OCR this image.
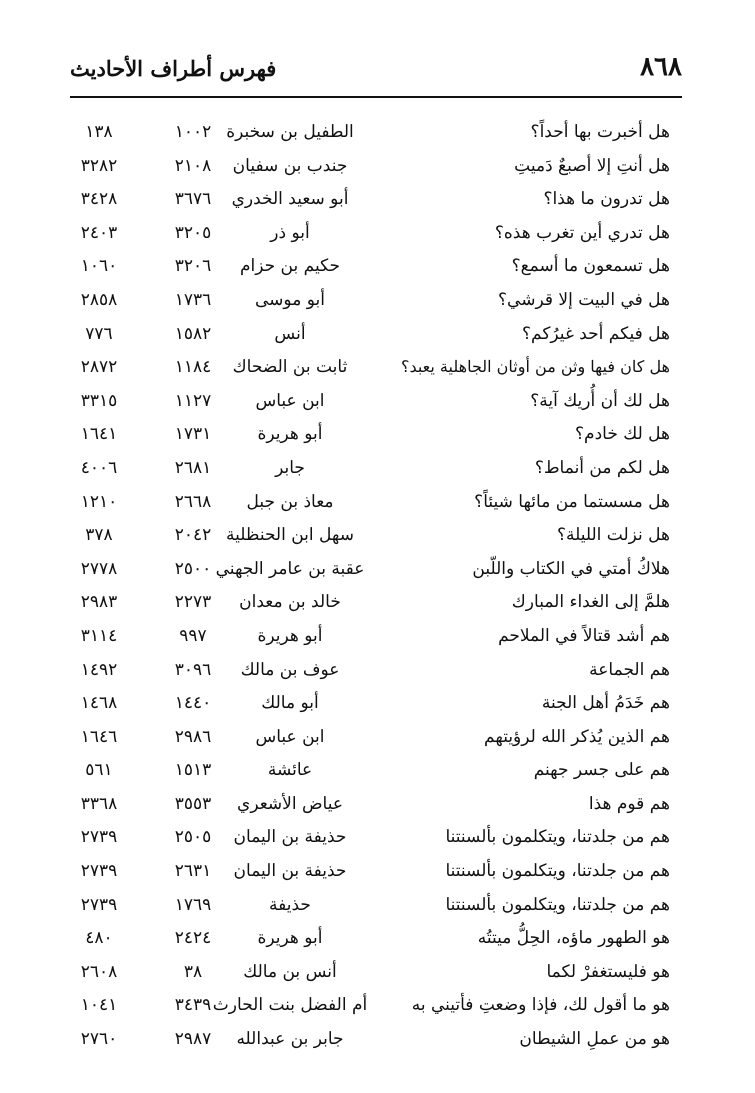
٨٦٨
فهرس أطراف الأحاديث
هل أخبرت بها أحداً؟
الطفيل بن سخبرة
١٠٠٢
١٣٨
هل أنتِ إلا أصبعٌ دَميتِ
جندب بن سفيان
٢١٠٨
٣٢٨٢
هل تدرون ما هذا؟
أبو سعيد الخدري
٣٦٧٦
٣٤٢٨
هل تدري أين تغرب هذه؟
أبو ذر
٣٢٠٥
٢٤٠٣
هل تسمعون ما أسمع؟
حكيم بن حزام
٣٢٠٦
١٠٦٠
هل في البيت إلا قرشي؟
أبو موسى
١٧٣٦
٢٨٥٨
هل فيكم أحد غيرُكم؟
أنس
١٥٨٢
٧٧٦
هل كان فيها وثن من أوثان الجاهلية يعبد؟
ثابت بن الضحاك
١١٨٤
٢٨٧٢
هل لك أن أُريك آية؟
ابن عباس
١١٢٧
٣٣١٥
هل لك خادم؟
أبو هريرة
١٧٣١
١٦٤١
هل لكم من أنماط؟
جابر
٢٦٨١
٤٠٠٦
هل مسستما من مائها شيئاً؟
معاذ بن جبل
٢٦٦٨
١٢١٠
هل نزلت الليلة؟
سهل ابن الحنظلية
٢٠٤٢
٣٧٨
هلاكُ أمتي في الكتاب واللّبن
عقبة بن عامر الجهني
٢٥٠٠
٢٧٧٨
هلمَّ إلى الغداء المبارك
خالد بن معدان
٢٢٧٣
٢٩٨٣
هم أشد قتالاً في الملاحم
أبو هريرة
٩٩٧
٣١١٤
هم الجماعة
عوف بن مالك
٣٠٩٦
١٤٩٢
هم خَدَمُ أهل الجنة
أبو مالك
١٤٤٠
١٤٦٨
هم الذين يُذكر الله لرؤيتهم
ابن عباس
٢٩٨٦
١٦٤٦
هم على جسر جهنم
عائشة
١٥١٣
٥٦١
هم قوم هذا
عياض الأشعري
٣٥٥٣
٣٣٦٨
هم من جلدتنا، ويتكلمون بألسنتنا
حذيفة بن اليمان
٢٥٠٥
٢٧٣٩
هم من جلدتنا، ويتكلمون بألسنتنا
حذيفة بن اليمان
٢٦٣١
٢٧٣٩
هم من جلدتنا، ويتكلمون بألسنتنا
حذيفة
١٧٦٩
٢٧٣٩
هو الطهور ماؤه، الحِلُّ ميتتُه
أبو هريرة
٢٤٢٤
٤٨٠
هو فليستغفرْ لكما
أنس بن مالك
٣٨
٢٦٠٨
هو ما أقول لك، فإذا وضعتِ فأتيني به
أم الفضل بنت الحارث
٣٤٣٩
١٠٤١
هو من عملِ الشيطان
جابر بن عبدالله
٢٩٨٧
٢٧٦٠
